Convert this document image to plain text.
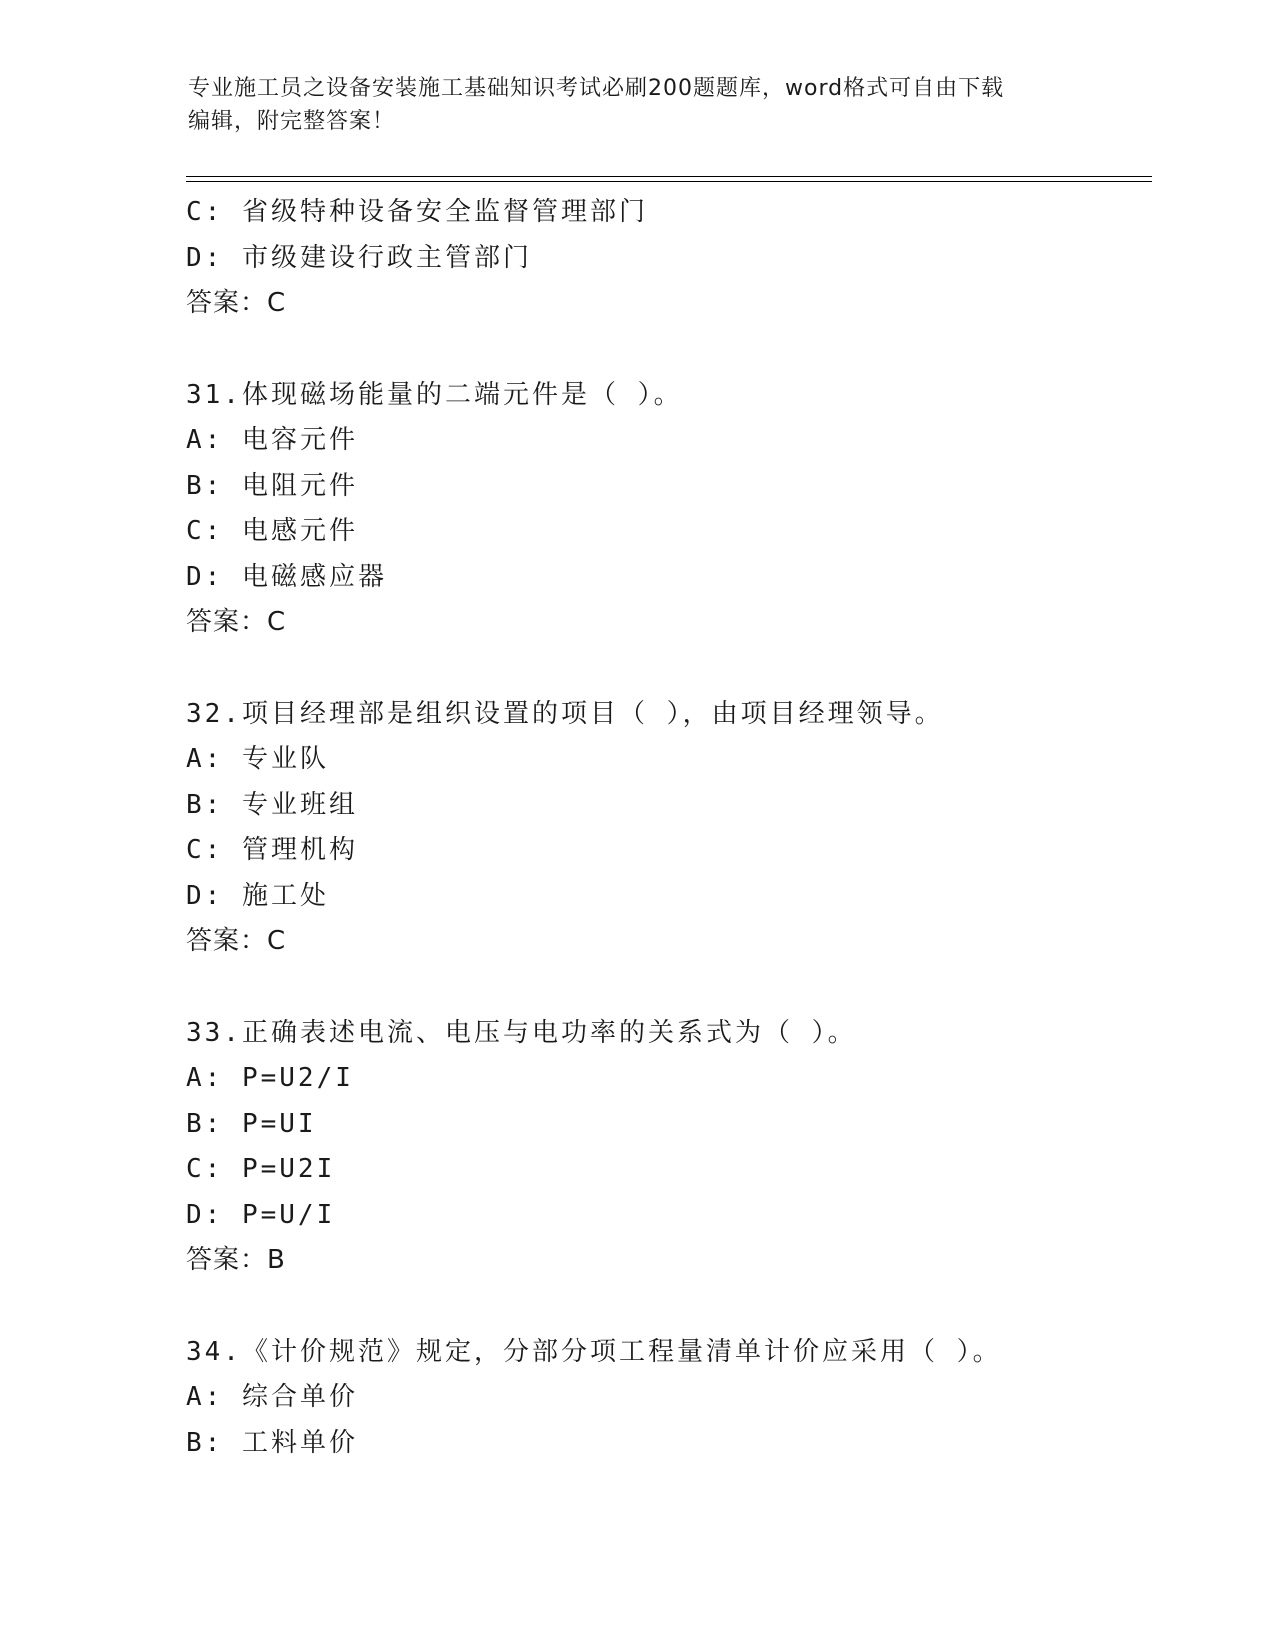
专业施工员之设备安装施工基础知识考试必刷200题题库，word格式可自由下载
编辑，附完整答案！
C: 省级特种设备安全监督管理部门
D: 市级建设行政主管部门
答案：C
31.体现磁场能量的二端元件是（ ）。
A: 电容元件
B: 电阻元件
C: 电感元件
D: 电磁感应器
答案：C
32.项目经理部是组织设置的项目（ ），由项目经理领导。
A: 专业队
B: 专业班组
C: 管理机构
D: 施工处
答案：C
33.正确表述电流、电压与电功率的关系式为（ ）。
A: P=U2/I
B: P=UI
C: P=U2I
D: P=U/I
答案：B
34.《计价规范》规定，分部分项工程量清单计价应采用（ ）。
A: 综合单价
B: 工料单价
